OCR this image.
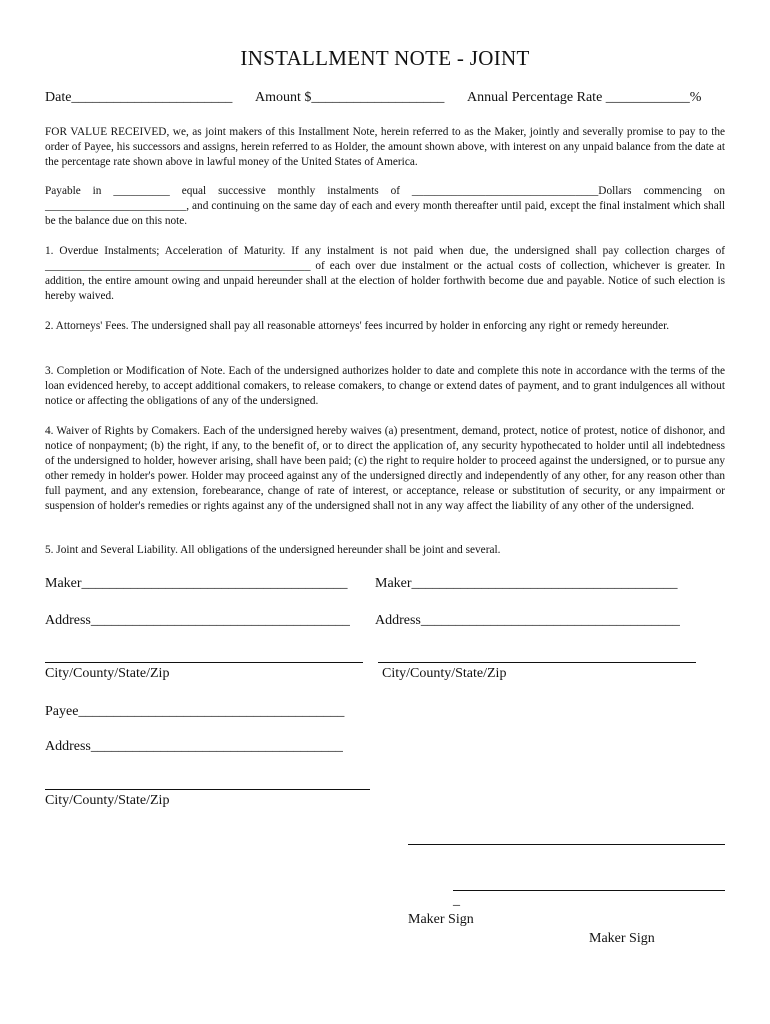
INSTALLMENT NOTE - JOINT
Date_______________________ Amount $___________________ Annual Percentage Rate ____________%
FOR VALUE RECEIVED, we, as joint makers of this Installment Note, herein referred to as the Maker, jointly and severally promise to pay to the order of Payee, his successors and assigns, herein referred to as Holder, the amount shown above, with interest on any unpaid balance from the date at the percentage rate shown above in lawful money of the United States of America.
Payable in __________ equal successive monthly instalments of _________________________________Dollars commencing on _________________________, and continuing on the same day of each and every month thereafter until paid, except the final instalment which shall be the balance due on this note.
1. Overdue Instalments; Acceleration of Maturity. If any instalment is not paid when due, the undersigned shall pay collection charges of _______________________________________________ of each over due instalment or the actual costs of collection, whichever is greater. In addition, the entire amount owing and unpaid hereunder shall at the election of holder forthwith become due and payable. Notice of such election is hereby waived.
2. Attorneys' Fees. The undersigned shall pay all reasonable attorneys' fees incurred by holder in enforcing any right or remedy hereunder.
3. Completion or Modification of Note. Each of the undersigned authorizes holder to date and complete this note in accordance with the terms of the loan evidenced hereby, to accept additional comakers, to release comakers, to change or extend dates of payment, and to grant indulgences all without notice or affecting the obligations of any of the undersigned.
4. Waiver of Rights by Comakers. Each of the undersigned hereby waives (a) presentment, demand, protect, notice of protest, notice of dishonor, and notice of nonpayment; (b) the right, if any, to the benefit of, or to direct the application of, any security hypothecated to holder until all indebtedness of the undersigned to holder, however arising, shall have been paid; (c) the right to require holder to proceed against the undersigned, or to pursue any other remedy in holder's power. Holder may proceed against any of the undersigned directly and independently of any other, for any reason other than full payment, and any extension, forebearance, change of rate of interest, or acceptance, release or substitution of security, or any impairment or suspension of holder's remedies or rights against any of the undersigned shall not in any way affect the liability of any other of the undersigned.
5. Joint and Several Liability. All obligations of the undersigned hereunder shall be joint and several.
Maker______________________________________ Maker______________________________________
Address_____________________________________ Address_____________________________________
City/County/State/Zip	City/County/State/Zip
Payee______________________________________
Address____________________________________
City/County/State/Zip
_
Maker Sign
Maker Sign
